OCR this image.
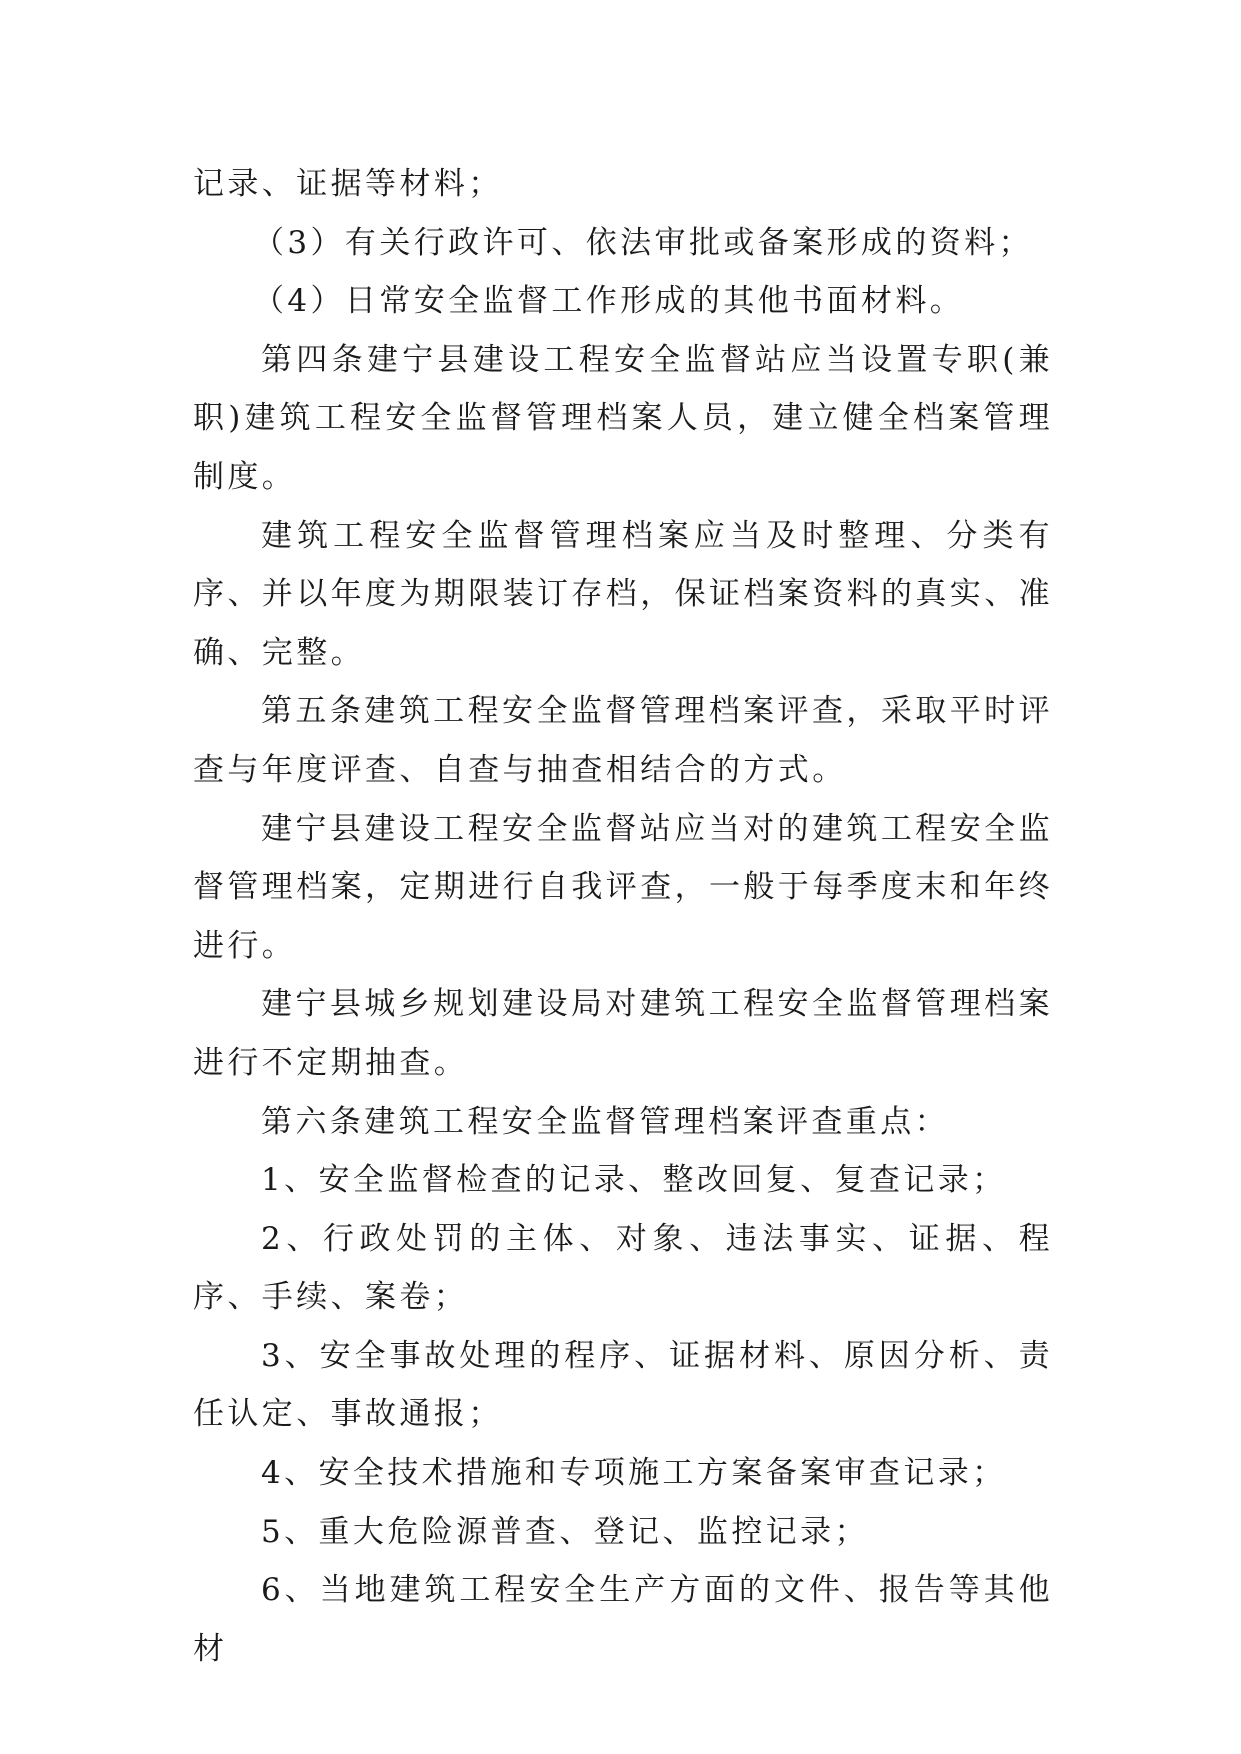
记录、证据等材料；

（3）有关行政许可、依法审批或备案形成的资料；

（4）日常安全监督工作形成的其他书面材料。

第四条建宁县建设工程安全监督站应当设置专职(兼职)建筑工程安全监督管理档案人员，建立健全档案管理制度。

建筑工程安全监督管理档案应当及时整理、分类有序、并以年度为期限装订存档，保证档案资料的真实、准确、完整。

第五条建筑工程安全监督管理档案评查，采取平时评查与年度评查、自查与抽查相结合的方式。

建宁县建设工程安全监督站应当对的建筑工程安全监督管理档案，定期进行自我评查，一般于每季度末和年终进行。

建宁县城乡规划建设局对建筑工程安全监督管理档案进行不定期抽查。

第六条建筑工程安全监督管理档案评查重点：

1、安全监督检查的记录、整改回复、复查记录；

2、行政处罚的主体、对象、违法事实、证据、程序、手续、案卷；

3、安全事故处理的程序、证据材料、原因分析、责任认定、事故通报；

4、安全技术措施和专项施工方案备案审查记录；

5、重大危险源普查、登记、监控记录；

6、当地建筑工程安全生产方面的文件、报告等其他材
